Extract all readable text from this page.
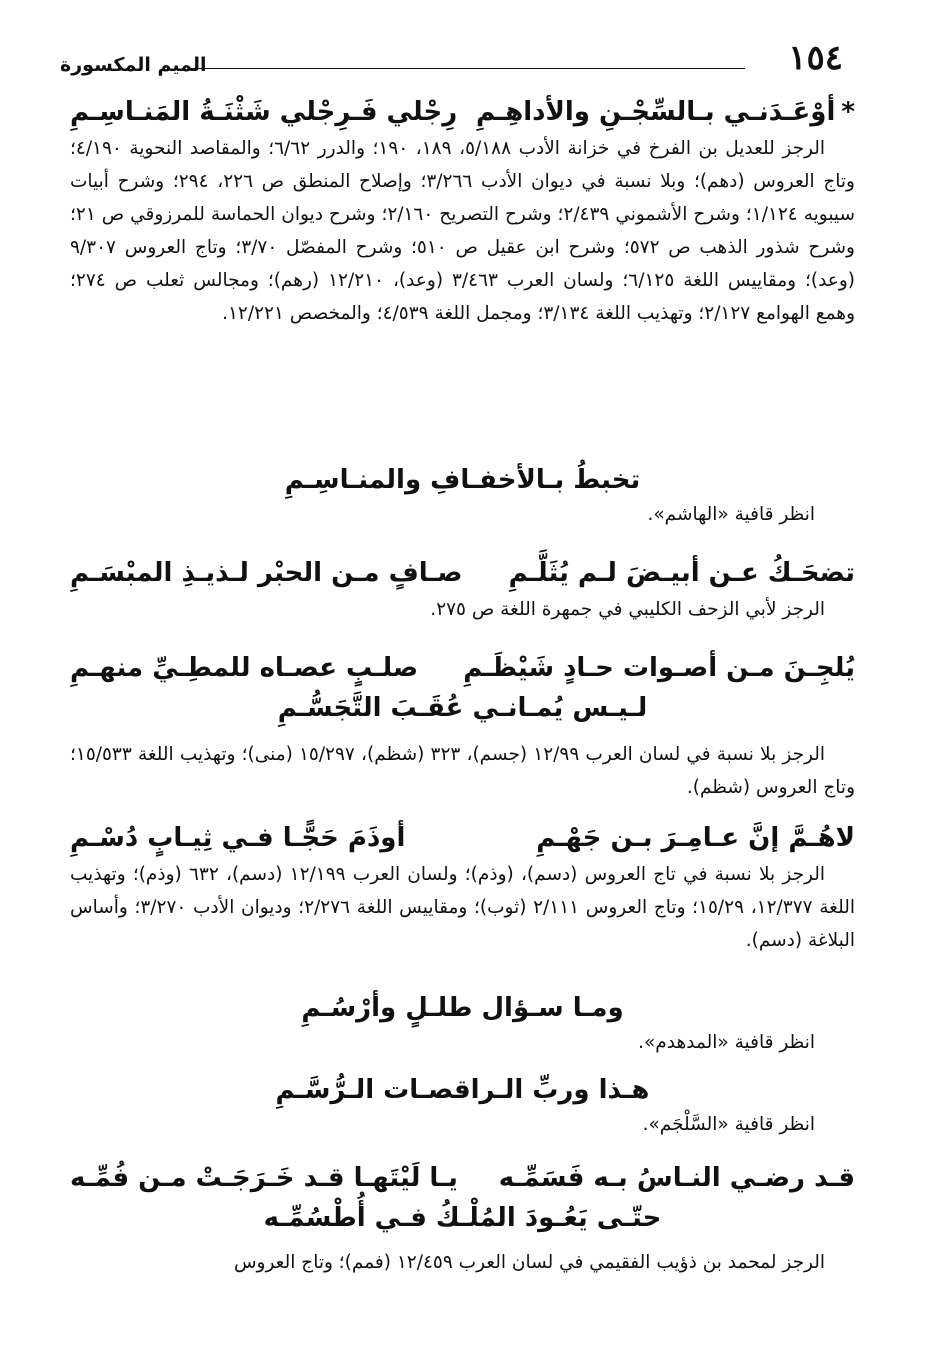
١٥٤
الميم المكسورة
*أوْعَـدَنـي بـالسِّجْـنِ والأداهِـمِ
رِجْلي فَـرِجْلي شَثْنَـةُ المَنـاسِـمِ
الرجز للعديل بن الفرخ في خزانة الأدب ٥/١٨٨، ١٨٩، ١٩٠؛ والدرر ٦/٦٢؛ والمقاصد النحوية ٤/١٩٠؛ وتاج العروس (دهم)؛ وبلا نسبة في ديوان الأدب ٣/٢٦٦؛ وإصلاح المنطق ص ٢٢٦، ٢٩٤؛ وشرح أبيات سيبويه ١/١٢٤؛ وشرح الأشموني ٢/٤٣٩؛ وشرح التصريح ٢/١٦٠؛ وشرح ديوان الحماسة للمرزوقي ص ٢١؛ وشرح شذور الذهب ص ٥٧٢؛ وشرح ابن عقيل ص ٥١٠؛ وشرح المفصّل ٣/٧٠؛ وتاج العروس ٩/٣٠٧ (وعد)؛ ومقاييس اللغة ٦/١٢٥؛ ولسان العرب ٣/٤٦٣ (وعد)، ١٢/٢١٠ (رهم)؛ ومجالس ثعلب ص ٢٧٤؛ وهمع الهوامع ٢/١٢٧؛ وتهذيب اللغة ٣/١٣٤؛ ومجمل اللغة ٤/٥٣٩؛ والمخصص ١٢/٢٢١.
تخبطُ بـالأخفـافِ والمنـاسِـمِ
انظر قافية «الهاشم».
تضحَـكُ عـن أبيـضَ لـم يُثَلَّـمِ
صـافٍ مـن الحبْر لـذيـذِ المبْسَـمِ
الرجز لأبي الزحف الكليبي في جمهرة اللغة ص ٢٧٥.
يُلجِـنَ مـن أصـوات حـادٍ شَيْظَـمِ
صلـبٍ عصـاه للمطِـيِّ منهـمِ
لـيـس يُمـانـي عُقَـبَ التَّجَسُّـمِ
الرجز بلا نسبة في لسان العرب ١٢/٩٩ (جسم)، ٣٢٣ (شظم)، ١٥/٢٩٧ (منى)؛ وتهذيب اللغة ١٥/٥٣٣؛ وتاج العروس (شظم).
لاهُـمَّ إنَّ عـامِـرَ بـن جَهْـمِ
أوذَمَ حَجًّـا فـي ثِيـابٍ دُسْـمِ
الرجز بلا نسبة في تاج العروس (دسم)، (وذم)؛ ولسان العرب ١٢/١٩٩ (دسم)، ٦٣٢ (وذم)؛ وتهذيب اللغة ١٢/٣٧٧، ١٥/٢٩؛ وتاج العروس ٢/١١١ (ثوب)؛ ومقاييس اللغة ٢/٢٧٦؛ وديوان الأدب ٣/٢٧٠؛ وأساس البلاغة (دسم).
ومـا سـؤال طلـلٍ وأرْسُـمِ
انظر قافية «المدهدم».
هـذا وربِّ الـراقصـات الـرُّسَّـمِ
انظر قافية «السَّلْجَم».
قـد رضـي النـاسُ بـه فَسَمِّـه
يـا لَيْتَهـا قـد خَـرَجَـتْ مـن فُمِّـه
حتّـى يَعُـودَ المُلْـكُ فـي أُطْسُمِّـه
الرجز لمحمد بن ذؤيب الفقيمي في لسان العرب ١٢/٤٥٩ (فمم)؛ وتاج العروس
